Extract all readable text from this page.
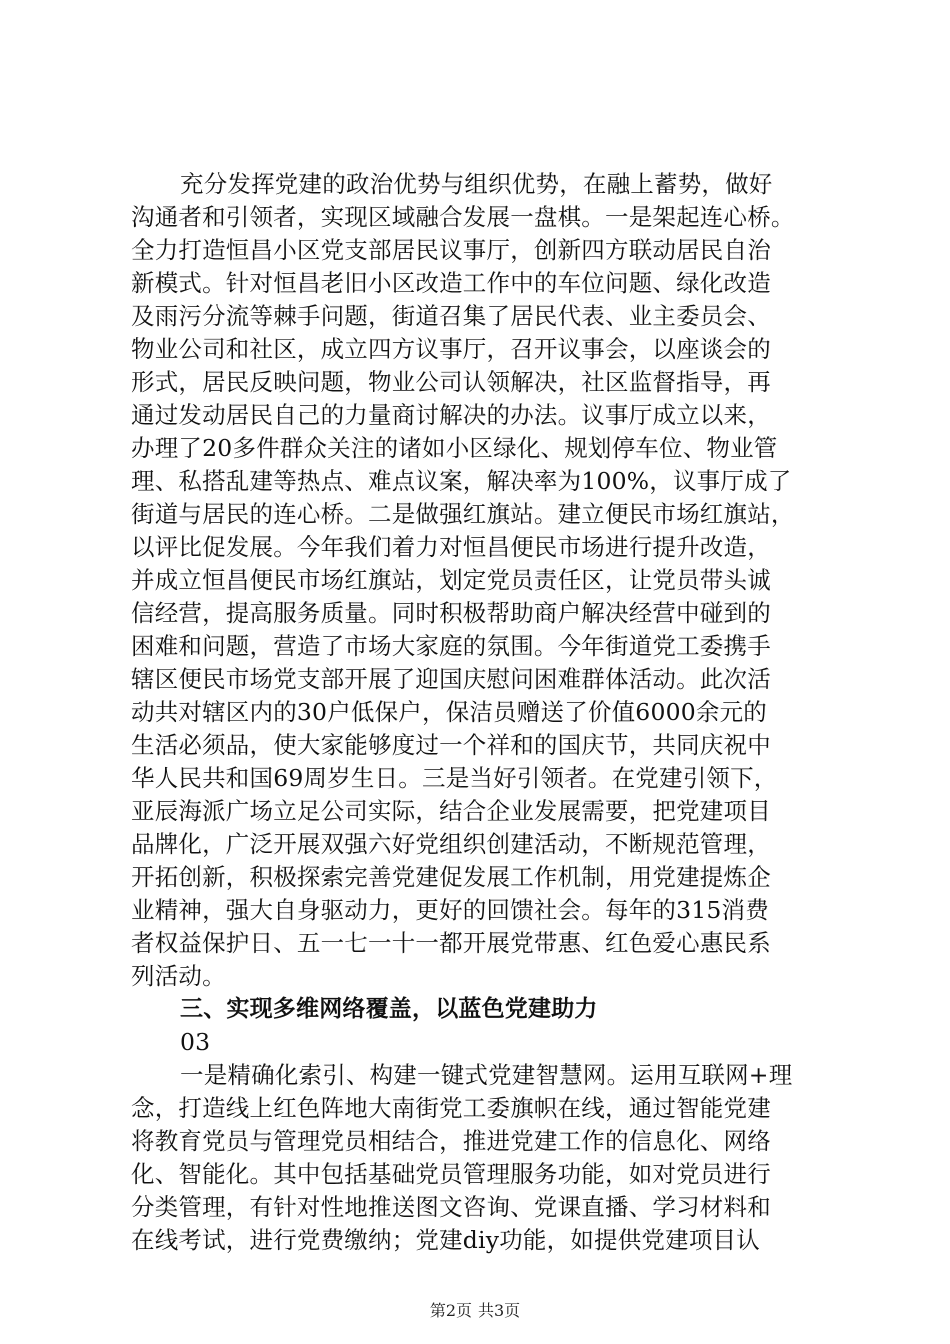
充分发挥党建的政治优势与组织优势，在融上蓄势，做好
沟通者和引领者，实现区域融合发展一盘棋。一是架起连心桥。
全力打造恒昌小区党支部居民议事厅，创新四方联动居民自治
新模式。针对恒昌老旧小区改造工作中的车位问题、绿化改造
及雨污分流等棘手问题，街道召集了居民代表、业主委员会、
物业公司和社区，成立四方议事厅，召开议事会，以座谈会的
形式，居民反映问题，物业公司认领解决，社区监督指导，再
通过发动居民自己的力量商讨解决的办法。议事厅成立以来，
办理了20多件群众关注的诸如小区绿化、规划停车位、物业管
理、私搭乱建等热点、难点议案，解决率为100%，议事厅成了
街道与居民的连心桥。二是做强红旗站。建立便民市场红旗站，
以评比促发展。今年我们着力对恒昌便民市场进行提升改造，
并成立恒昌便民市场红旗站，划定党员责任区，让党员带头诚
信经营，提高服务质量。同时积极帮助商户解决经营中碰到的
困难和问题，营造了市场大家庭的氛围。今年街道党工委携手
辖区便民市场党支部开展了迎国庆慰问困难群体活动。此次活
动共对辖区内的30户低保户，保洁员赠送了价值6000余元的
生活必须品，使大家能够度过一个祥和的国庆节，共同庆祝中
华人民共和国69周岁生日。三是当好引领者。在党建引领下，
亚辰海派广场立足公司实际，结合企业发展需要，把党建项目
品牌化，广泛开展双强六好党组织创建活动，不断规范管理，
开拓创新，积极探索完善党建促发展工作机制，用党建提炼企
业精神，强大自身驱动力，更好的回馈社会。每年的315消费
者权益保护日、五一七一十一都开展党带惠、红色爱心惠民系
列活动。
三、实现多维网络覆盖，以蓝色党建助力
03
一是精确化索引、构建一键式党建智慧网。运用互联网+理
念，打造线上红色阵地大南街党工委旗帜在线，通过智能党建
将教育党员与管理党员相结合，推进党建工作的信息化、网络
化、智能化。其中包括基础党员管理服务功能，如对党员进行
分类管理，有针对性地推送图文咨询、党课直播、学习材料和
在线考试，进行党费缴纳；党建diy功能，如提供党建项目认
第2页 共3页
